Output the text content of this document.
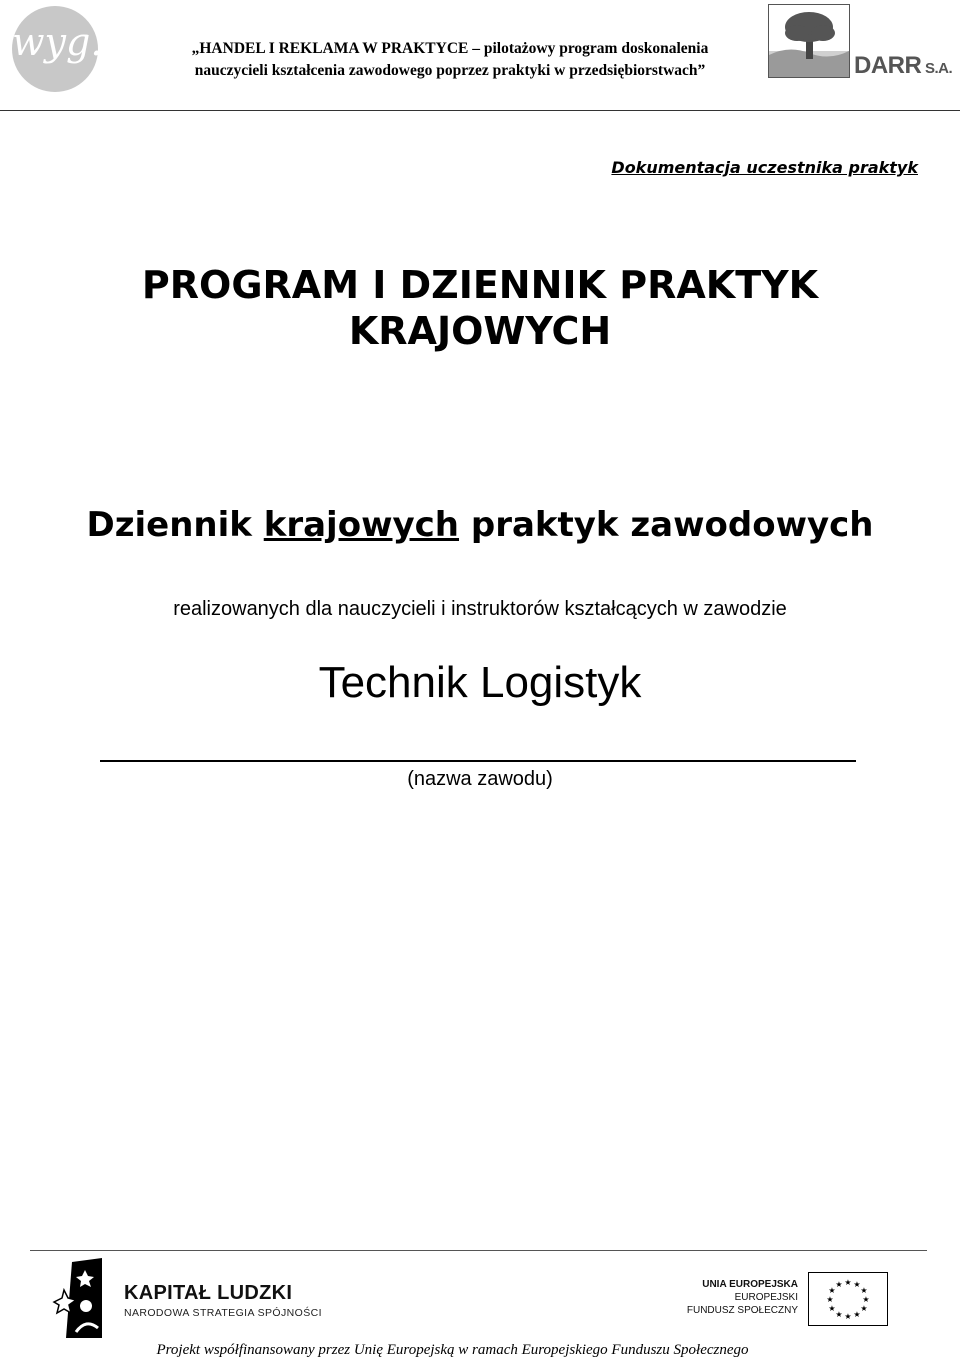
wyg.	„HANDEL I REKLAMA W PRAKTYCE – pilotażowy program doskonalenia
nauczycieli kształcenia zawodowego poprzez praktyki w przedsiębiorstwach”	DARR S.A.
Dokumentacja uczestnika praktyk
PROGRAM I DZIENNIK PRAKTYK
KRAJOWYCH
Dziennik krajowych praktyk zawodowych
realizowanych dla nauczycieli i instruktorów kształcących w zawodzie
Technik Logistyk
(nazwa zawodu)
KAPITAŁ LUDZKI
NARODOWA STRATEGIA SPÓJNOŚCI
UNIA EUROPEJSKA
EUROPEJSKI
FUNDUSZ SPOŁECZNY
★ ★
★
★
★
★
★
★
★
★
★
★
Projekt współfinansowany przez Unię Europejską w ramach Europejskiego Funduszu Społecznego
